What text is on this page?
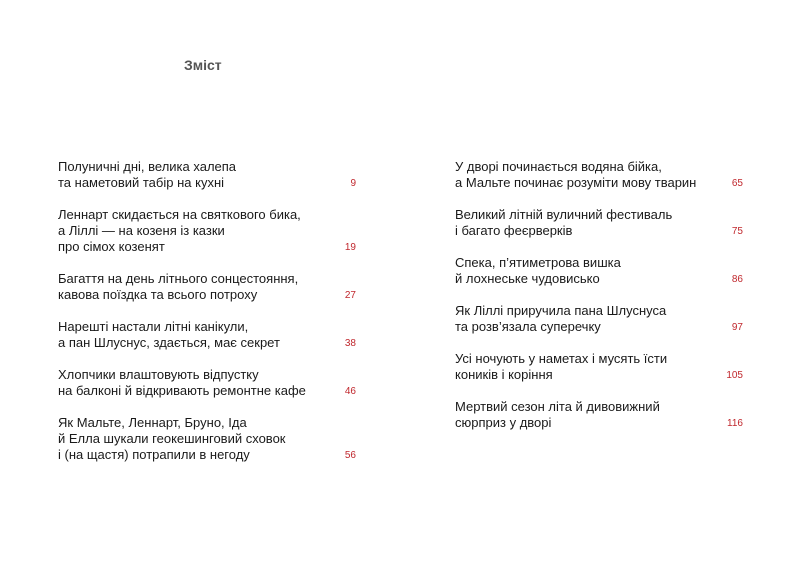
Зміст
Полуничні дні, велика халепа
та наметовий табір на кухні	9
Леннарт скидається на святкового бика,
а Ліллі — на козеня із казки
про сімох козенят	19
Багаття на день літнього сонцестояння,
кавова поїздка та всього потроху	27
Нарешті настали літні канікули,
а пан Шлуснус, здається, має секрет	38
Хлопчики влаштовують відпустку
на балконі й відкривають ремонтне кафе	46
Як Мальте, Леннарт, Бруно, Іда
й Елла шукали геокешинговий сховок
і (на щастя) потрапили в негоду	56
У дворі починається водяна бійка,
а Мальте починає розуміти мову тварин	65
Великий літній вуличний фестиваль
і багато феєрверків	75
Спека, п’ятиметрова вишка
й лохнеське чудовисько	86
Як Ліллі приручила пана Шлуснуса
та розв’язала суперечку	97
Усі ночують у наметах і мусять їсти
коників і коріння	105
Мертвий сезон літа й дивовижний
сюрприз у дворі	116
